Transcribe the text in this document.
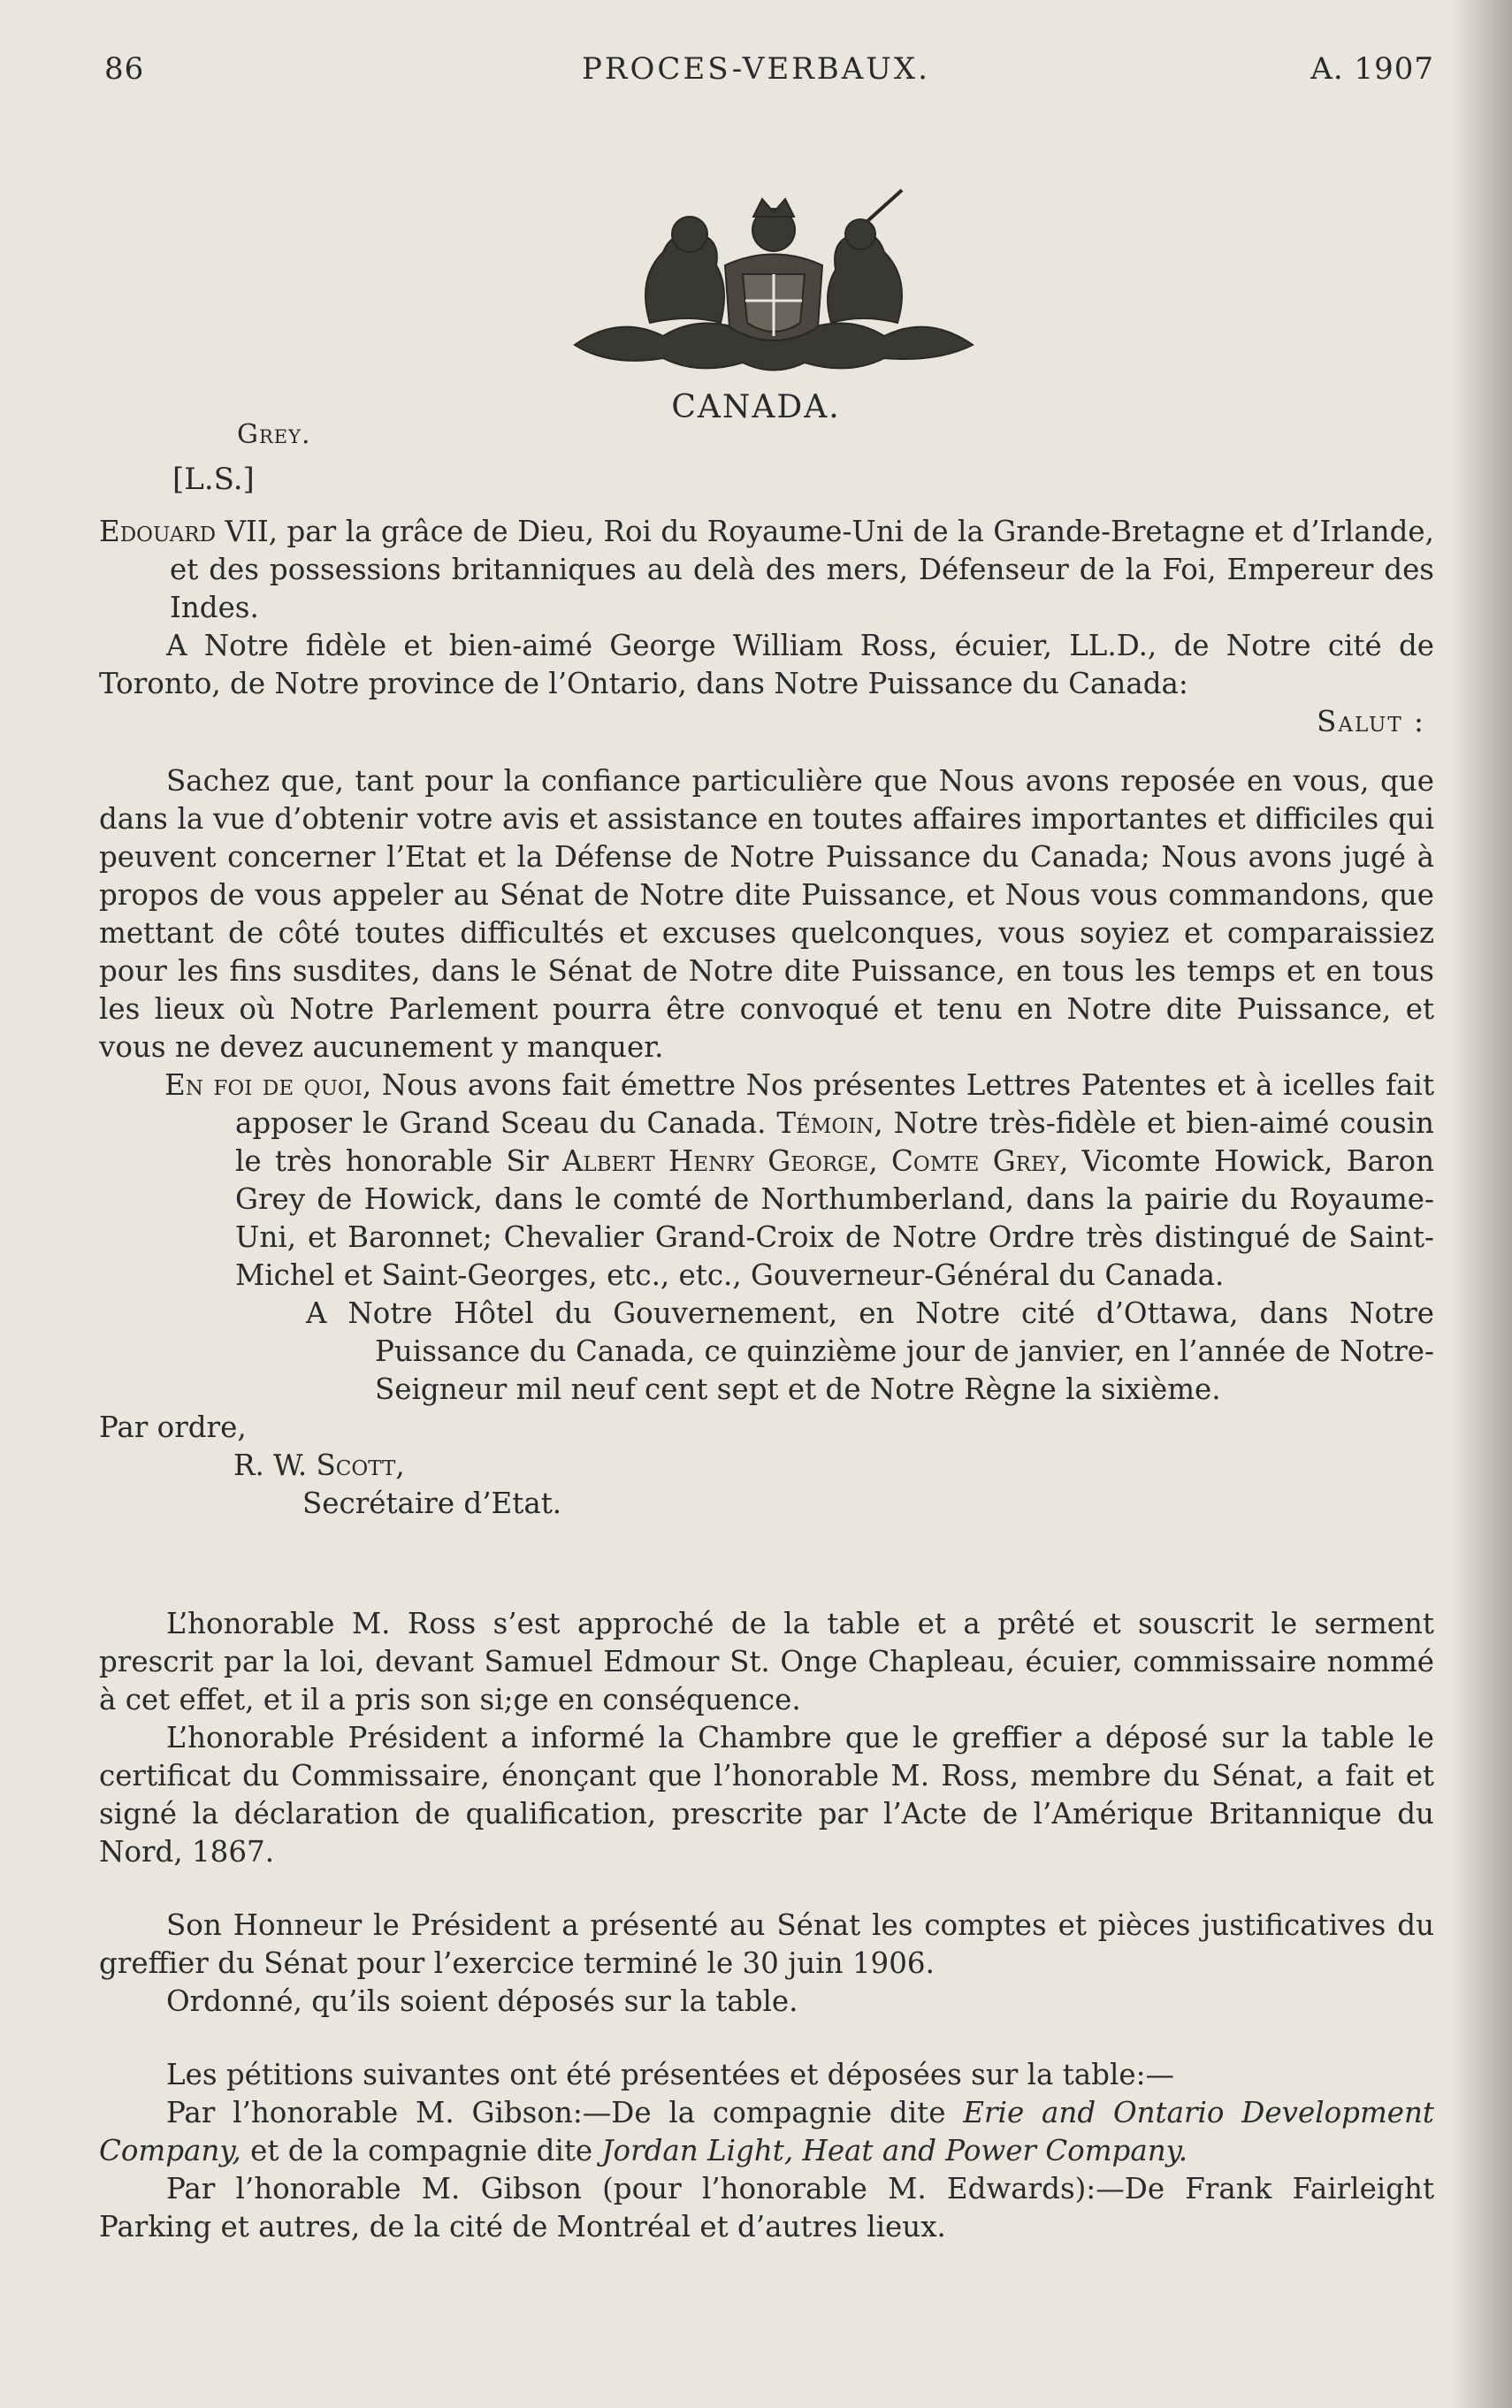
86	PROCES-VERBAUX.	A. 1907
CANADA.
Grey.
[L.S.]

Edouard VII, par la grâce de Dieu, Roi du Royaume-Uni de la Grande-Bretagne et d’Irlande, et des possessions britanniques au delà des mers, Défenseur de la Foi, Empereur des Indes.

A Notre fidèle et bien-aimé George William Ross, écuier, LL.D., de Notre cité de Toronto, de Notre province de l’Ontario, dans Notre Puissance du Canada:

Salut :

Sachez que, tant pour la confiance particulière que Nous avons reposée en vous, que dans la vue d’obtenir votre avis et assistance en toutes affaires importantes et difficiles qui peuvent concerner l’Etat et la Défense de Notre Puissance du Canada; Nous avons jugé à propos de vous appeler au Sénat de Notre dite Puissance, et Nous vous commandons, que mettant de côté toutes difficultés et excuses quelconques, vous soyiez et comparaissiez pour les fins susdites, dans le Sénat de Notre dite Puissance, en tous les temps et en tous les lieux où Notre Parlement pourra être convoqué et tenu en Notre dite Puissance, et vous ne devez aucunement y manquer.

En foi de quoi, Nous avons fait émettre Nos présentes Lettres Patentes et à icelles fait apposer le Grand Sceau du Canada. Témoin, Notre très-fidèle et bien-aimé cousin le très honorable Sir Albert Henry George, Comte Grey, Vicomte Howick, Baron Grey de Howick, dans le comté de Northumberland, dans la pairie du Royaume-Uni, et Baronnet; Chevalier Grand-Croix de Notre Ordre très distingué de Saint-Michel et Saint-Georges, etc., etc., Gouverneur-Général du Canada.

A Notre Hôtel du Gouvernement, en Notre cité d’Ottawa, dans Notre Puissance du Canada, ce quinzième jour de janvier, en l’année de Notre-Seigneur mil neuf cent sept et de Notre Règne la sixième.

Par ordre,

R. W. Scott,

Secrétaire d’Etat.

L’honorable M. Ross s’est approché de la table et a prêté et souscrit le serment prescrit par la loi, devant Samuel Edmour St. Onge Chapleau, écuier, commissaire nommé à cet effet, et il a pris son si;ge en conséquence.

L’honorable Président a informé la Chambre que le greffier a déposé sur la table le certificat du Commissaire, énonçant que l’honorable M. Ross, membre du Sénat, a fait et signé la déclaration de qualification, prescrite par l’Acte de l’Amérique Britannique du Nord, 1867.

Son Honneur le Président a présenté au Sénat les comptes et pièces justificatives du greffier du Sénat pour l’exercice terminé le 30 juin 1906.

Ordonné, qu’ils soient déposés sur la table.

Les pétitions suivantes ont été présentées et déposées sur la table:—

Par l’honorable M. Gibson:—De la compagnie dite Erie and Ontario Development Company, et de la compagnie dite Jordan Light, Heat and Power Company.

Par l’honorable M. Gibson (pour l’honorable M. Edwards):—De Frank Fairleight Parking et autres, de la cité de Montréal et d’autres lieux.
